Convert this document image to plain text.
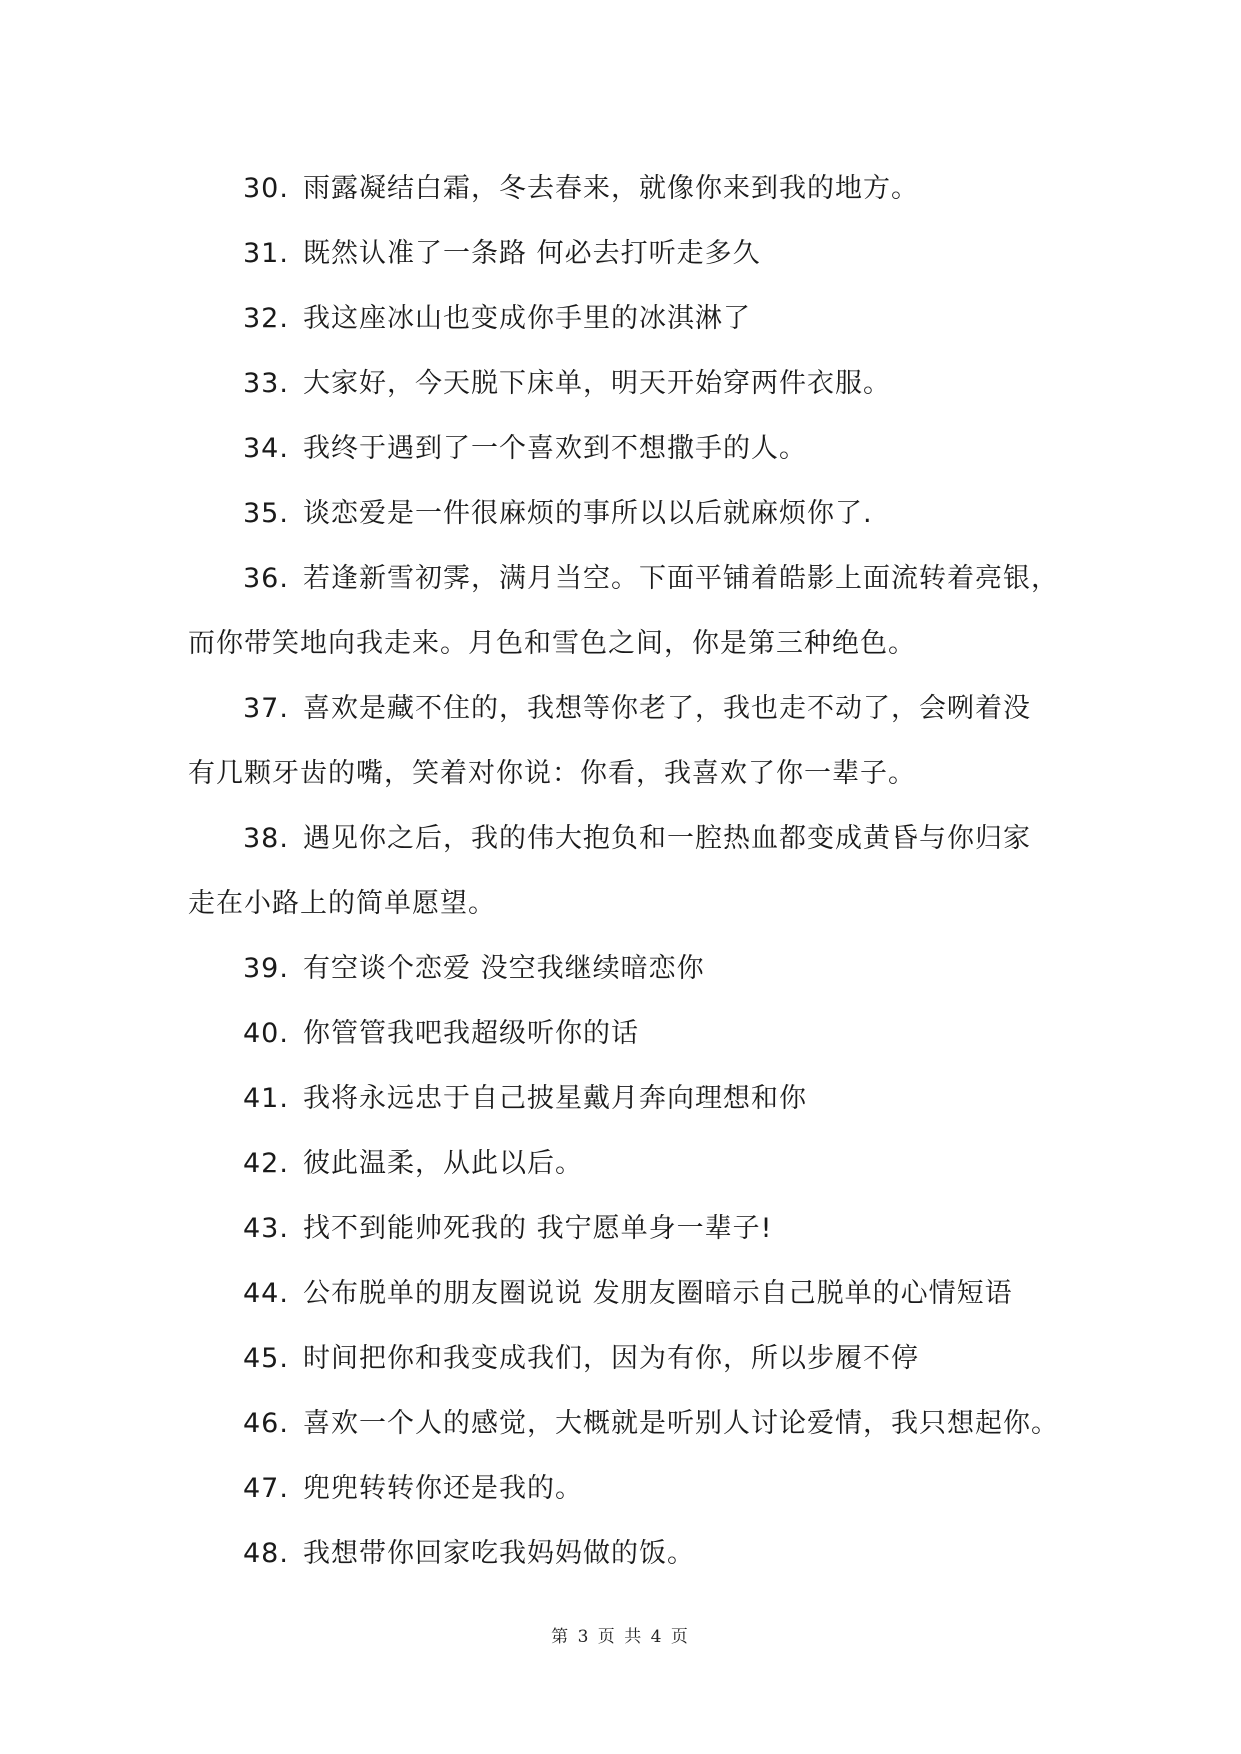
30. 雨露凝结白霜，冬去春来，就像你来到我的地方。
31. 既然认准了一条路 何必去打听走多久
32. 我这座冰山也变成你手里的冰淇淋了
33. 大家好，今天脱下床单，明天开始穿两件衣服。
34. 我终于遇到了一个喜欢到不想撒手的人。
35. 谈恋爱是一件很麻烦的事所以以后就麻烦你了.
36. 若逢新雪初霁，满月当空。下面平铺着皓影上面流转着亮银，
而你带笑地向我走来。月色和雪色之间，你是第三种绝色。
37. 喜欢是藏不住的，我想等你老了，我也走不动了，会咧着没
有几颗牙齿的嘴，笑着对你说：你看，我喜欢了你一辈子。
38. 遇见你之后，我的伟大抱负和一腔热血都变成黄昏与你归家
走在小路上的简单愿望。
39. 有空谈个恋爱 没空我继续暗恋你
40. 你管管我吧我超级听你的话
41. 我将永远忠于自己披星戴月奔向理想和你
42. 彼此温柔，从此以后。
43. 找不到能帅死我的 我宁愿单身一辈子!
44. 公布脱单的朋友圈说说 发朋友圈暗示自己脱单的心情短语
45. 时间把你和我变成我们，因为有你，所以步履不停
46. 喜欢一个人的感觉，大概就是听别人讨论爱情，我只想起你。
47. 兜兜转转你还是我的。
48. 我想带你回家吃我妈妈做的饭。
第 3 页 共 4 页
